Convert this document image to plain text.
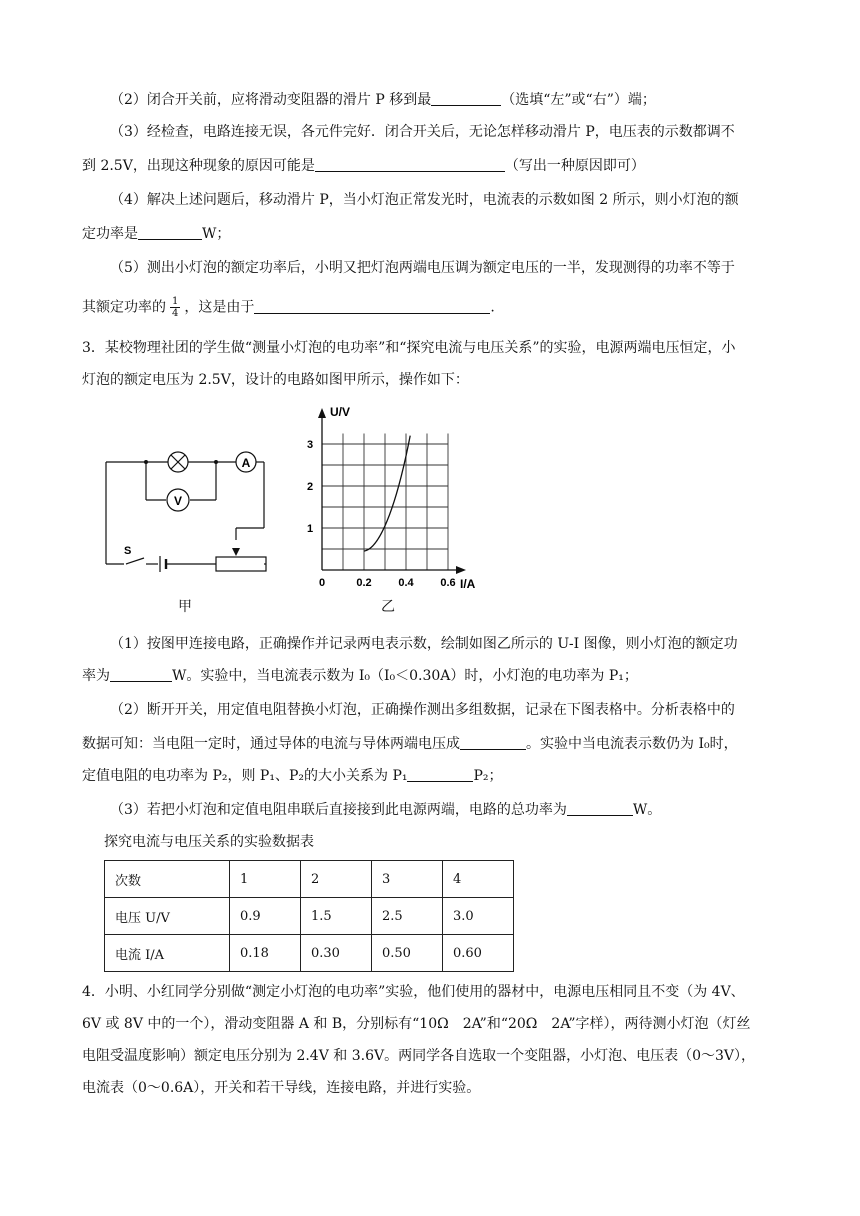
（2）闭合开关前，应将滑动变阻器的滑片 P 移到最	（选填“左”或“右”）端；
（3）经检查，电路连接无误，各元件完好．闭合开关后，无论怎样移动滑片 P，电压表的示数都调不
到 2.5V，出现这种现象的原因可能是	（写出一种原因即可）
（4）解决上述问题后，移动滑片 P，当小灯泡正常发光时，电流表的示数如图 2 所示，则小灯泡的额
定功率是	W；
（5）测出小灯泡的额定功率后，小明又把灯泡两端电压调为额定电压的一半，发现测得的功率不等于
其额定功率的 $\frac{1}{4}$ ，这是由于	.
3．某校物理社团的学生做“测量小灯泡的电功率”和“探究电流与电压关系”的实验，电源两端电压恒定，小
灯泡的额定电压为 2.5V，设计的电路如图甲所示，操作如下：
A
V
S
甲
U/V
I/A
1
2
3
0	0.2 0.4 0.6
乙
（1）按图甲连接电路，正确操作并记录两电表示数，绘制如图乙所示的 U-I 图像，则小灯泡的额定功
率为	W。实验中，当电流表示数为 I₀（I₀＜0.30A）时，小灯泡的电功率为 P₁；
（2）断开开关，用定值电阻替换小灯泡，正确操作测出多组数据，记录在下图表格中。分析表格中的
数据可知：当电阻一定时，通过导体的电流与导体两端电压成	。实验中当电流表示数仍为 I₀时，
定值电阻的电功率为 P₂，则 P₁、P₂的大小关系为 P₁	P₂；
（3）若把小灯泡和定值电阻串联后直接接到此电源两端，电路的总功率为	W。
探究电流与电压关系的实验数据表
次数	1	2	3	4
电压 U/V	0.9	1.5	2.5	3.0
电流 I/A	0.18	0.30	0.50	0.60
4．小明、小红同学分别做“测定小灯泡的电功率”实验，他们使用的器材中，电源电压相同且不变（为 4V、
6V 或 8V 中的一个），滑动变阻器 A 和 B，分别标有“10Ω　2A”和“20Ω　2A”字样），两待测小灯泡（灯丝
电阻受温度影响）额定电压分别为 2.4V 和 3.6V。两同学各自选取一个变阻器，小灯泡、电压表（0～3V），
电流表（0～0.6A），开关和若干导线，连接电路，并进行实验。
